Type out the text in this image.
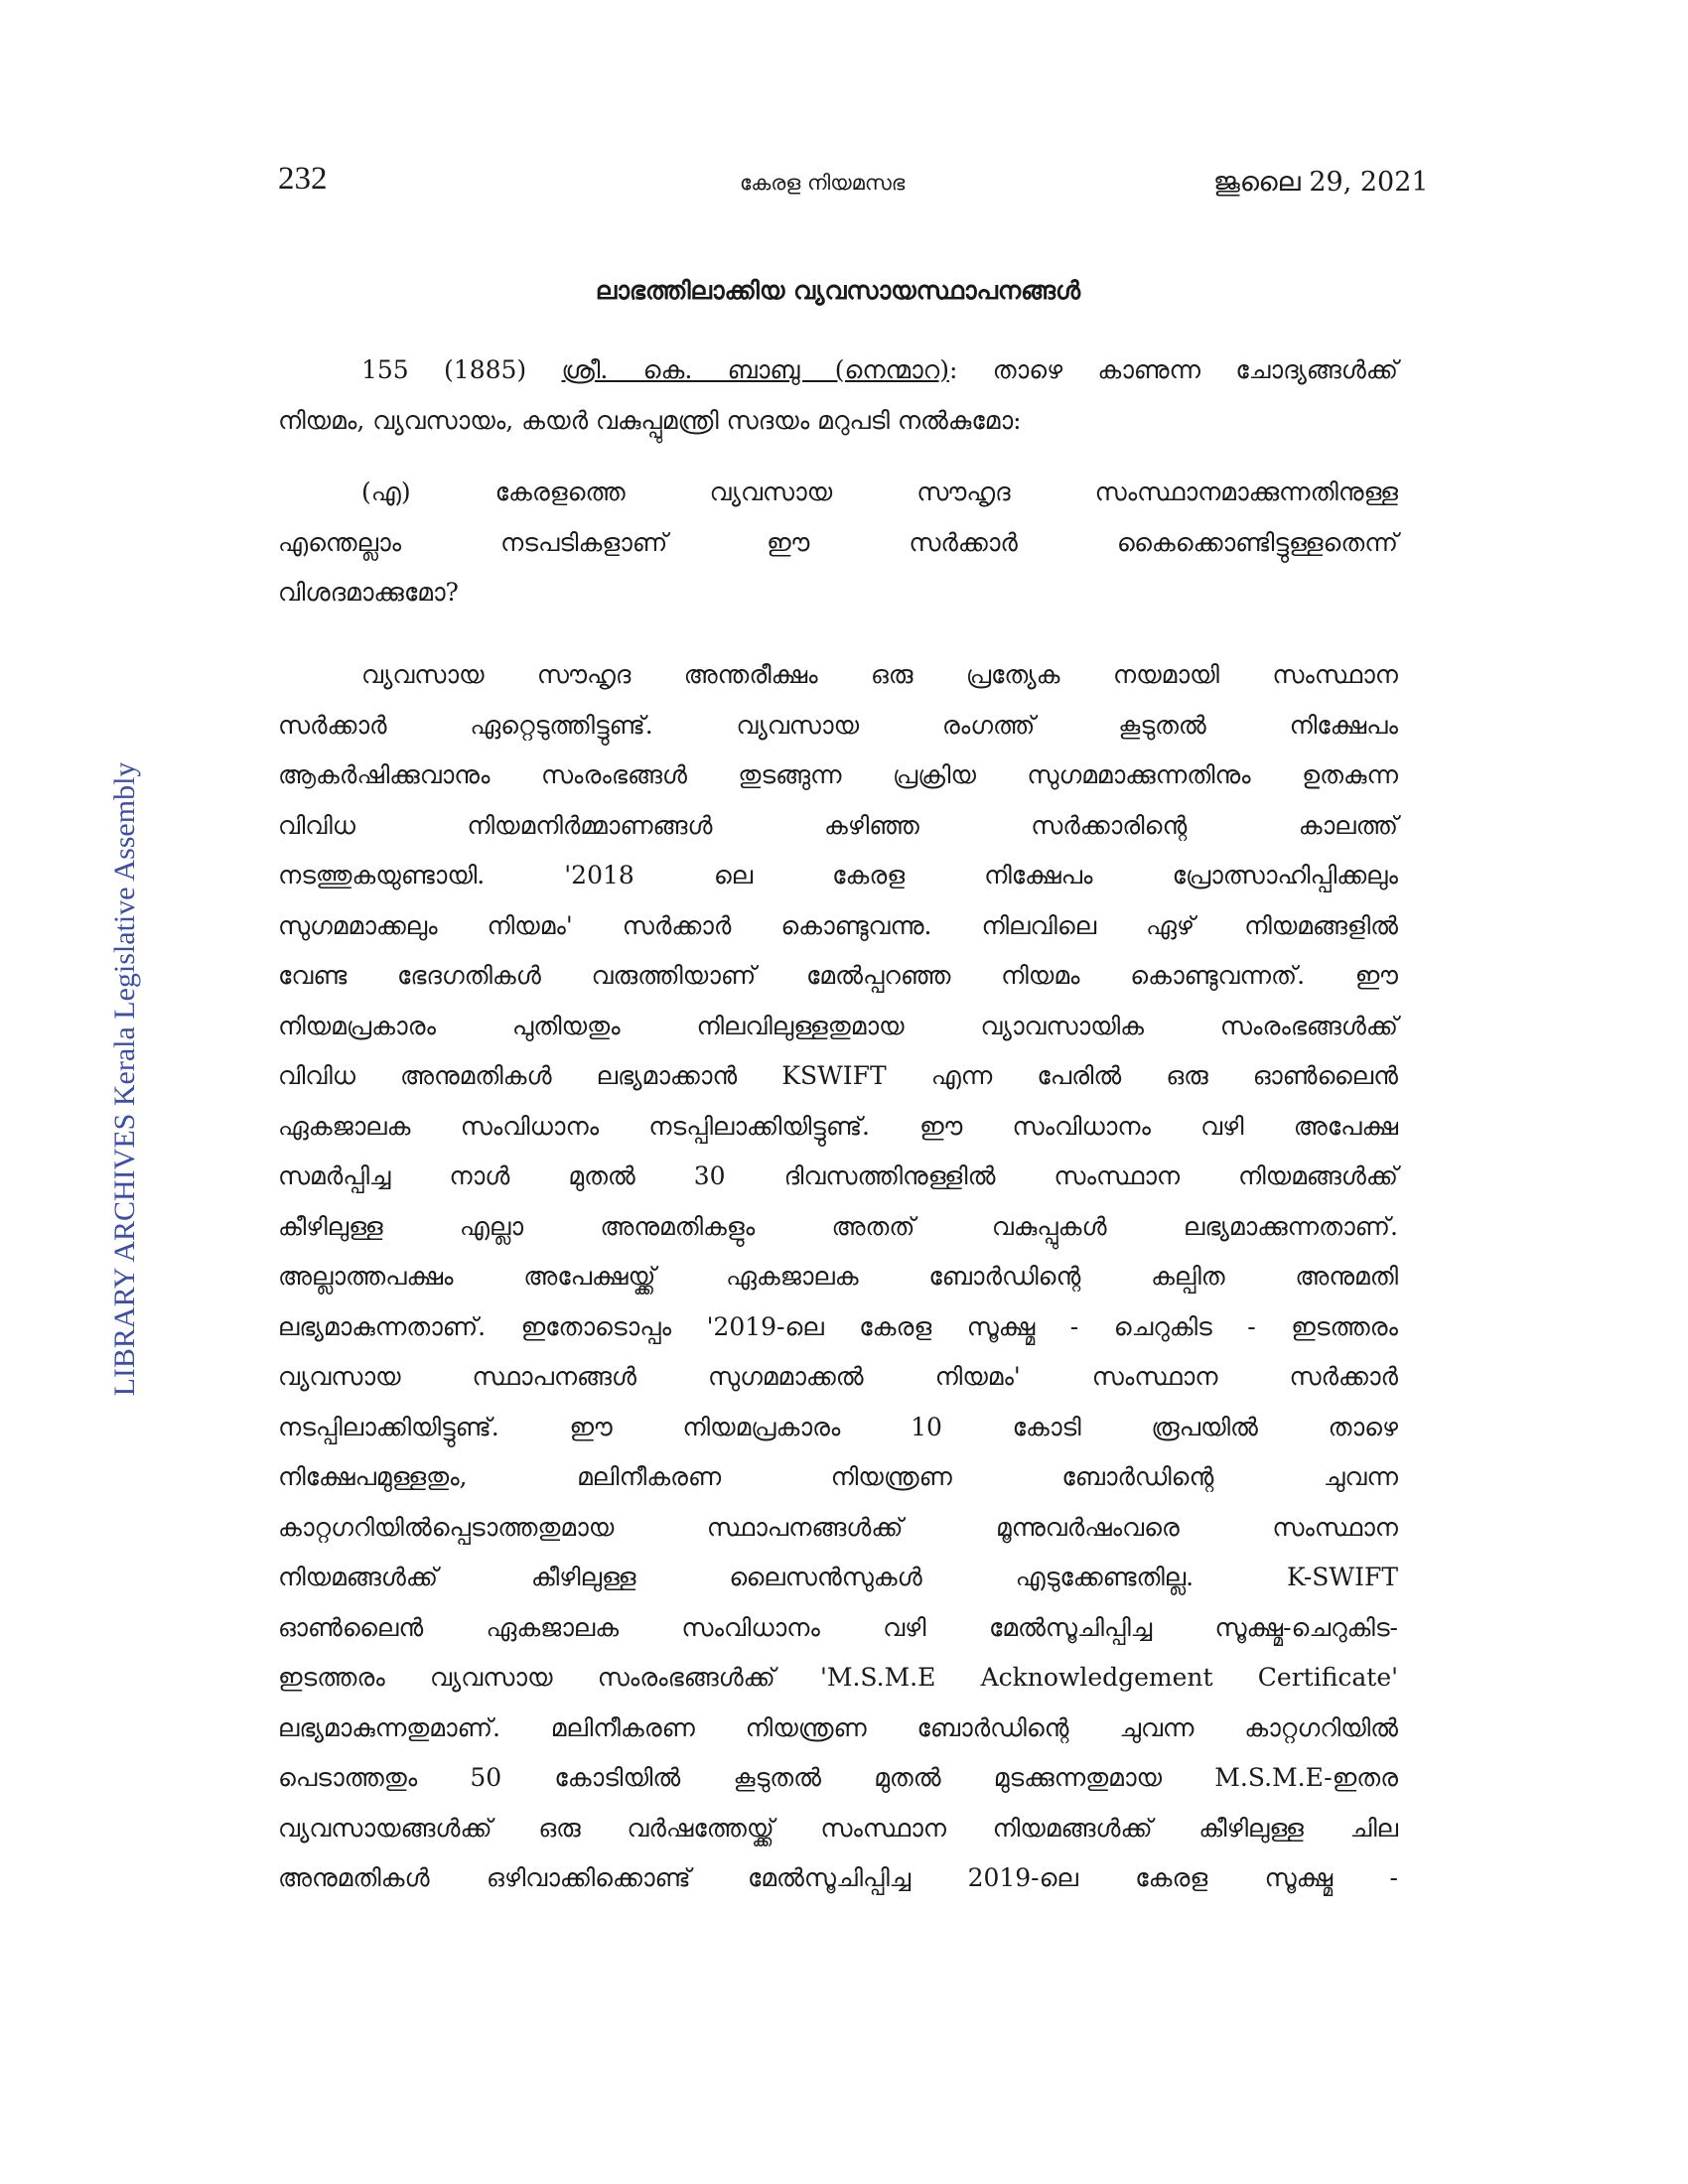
232	കേരള നിയമസഭ	ജൂലൈ 29, 2021
LIBRARY ARCHIVES Kerala Legislative Assembly
ലാഭത്തിലാക്കിയ വ്യവസായസ്ഥാപനങ്ങൾ

155 (1885) ശ്രീ. കെ. ബാബു (നെന്മാറ): താഴെ കാണുന്ന ചോദ്യങ്ങൾക്ക്

നിയമം, വ്യവസായം, കയർ വകുപ്പുമന്ത്രി സദയം മറുപടി നൽകുമോ:

(എ) കേരളത്തെ വ്യവസായ സൗഹൃദ സംസ്ഥാനമാക്കുന്നതിനുള്ള

എന്തെല്ലാം നടപടികളാണ് ഈ സർക്കാർ കൈക്കൊണ്ടിട്ടുള്ളതെന്ന്

വിശദമാക്കുമോ?

വ്യവസായ സൗഹൃദ അന്തരീക്ഷം ഒരു പ്രത്യേക നയമായി സംസ്ഥാന

സർക്കാർ ഏറ്റെടുത്തിട്ടുണ്ട്. വ്യവസായ രംഗത്ത് കൂടുതൽ നിക്ഷേപം

ആകർഷിക്കുവാനും സംരംഭങ്ങൾ തുടങ്ങുന്ന പ്രക്രിയ സുഗമമാക്കുന്നതിനും ഉതകുന്ന

വിവിധ നിയമനിർമ്മാണങ്ങൾ കഴിഞ്ഞ സർക്കാരിന്റെ കാലത്ത്

നടത്തുകയുണ്ടായി. '2018 ലെ കേരള നിക്ഷേപം പ്രോത്സാഹിപ്പിക്കലും

സുഗമമാക്കലും നിയമം' സർക്കാർ കൊണ്ടുവന്നു. നിലവിലെ ഏഴ് നിയമങ്ങളിൽ

വേണ്ട ഭേദഗതികൾ വരുത്തിയാണ് മേൽപ്പറഞ്ഞ നിയമം കൊണ്ടുവന്നത്. ഈ

നിയമപ്രകാരം പുതിയതും നിലവിലുള്ളതുമായ വ്യാവസായിക സംരംഭങ്ങൾക്ക്

വിവിധ അനുമതികൾ ലഭ്യമാക്കാൻ KSWIFT എന്ന പേരിൽ ഒരു ഓൺലൈൻ

ഏകജാലക സംവിധാനം നടപ്പിലാക്കിയിട്ടുണ്ട്. ഈ സംവിധാനം വഴി അപേക്ഷ

സമർപ്പിച്ച നാൾ മുതൽ 30 ദിവസത്തിനുള്ളിൽ സംസ്ഥാന നിയമങ്ങൾക്ക്

കീഴിലുള്ള എല്ലാ അനുമതികളും അതത് വകുപ്പുകൾ ലഭ്യമാക്കുന്നതാണ്.

അല്ലാത്തപക്ഷം അപേക്ഷയ്ക്ക് ഏകജാലക ബോർഡിന്റെ കല്പിത അനുമതി

ലഭ്യമാകുന്നതാണ്. ഇതോടൊപ്പം '2019-ലെ കേരള സൂക്ഷ്മ - ചെറുകിട - ഇടത്തരം

വ്യവസായ സ്ഥാപനങ്ങൾ സുഗമമാക്കൽ നിയമം' സംസ്ഥാന സർക്കാർ

നടപ്പിലാക്കിയിട്ടുണ്ട്. ഈ നിയമപ്രകാരം 10 കോടി രൂപയിൽ താഴെ

നിക്ഷേപമുള്ളതും, മലിനീകരണ നിയന്ത്രണ ബോർഡിന്റെ ചുവന്ന

കാറ്റഗറിയിൽപ്പെടാത്തതുമായ സ്ഥാപനങ്ങൾക്ക് മൂന്നുവർഷംവരെ സംസ്ഥാന

നിയമങ്ങൾക്ക് കീഴിലുള്ള ലൈസൻസുകൾ എടുക്കേണ്ടതില്ല. K-SWIFT

ഓൺലൈൻ ഏകജാലക സംവിധാനം വഴി മേൽസൂചിപ്പിച്ച സൂക്ഷ്മ-ചെറുകിട-

ഇടത്തരം വ്യവസായ സംരംഭങ്ങൾക്ക് 'M.S.M.E Acknowledgement Certificate'

ലഭ്യമാകുന്നതുമാണ്. മലിനീകരണ നിയന്ത്രണ ബോർഡിന്റെ ചുവന്ന കാറ്റഗറിയിൽ

പെടാത്തതും 50 കോടിയിൽ കൂടുതൽ മുതൽ മുടക്കുന്നതുമായ M.S.M.E-ഇതര

വ്യവസായങ്ങൾക്ക് ഒരു വർഷത്തേയ്ക്ക് സംസ്ഥാന നിയമങ്ങൾക്ക് കീഴിലുള്ള ചില

അനുമതികൾ ഒഴിവാക്കിക്കൊണ്ട് മേൽസൂചിപ്പിച്ച 2019-ലെ കേരള സൂക്ഷ്മ -
